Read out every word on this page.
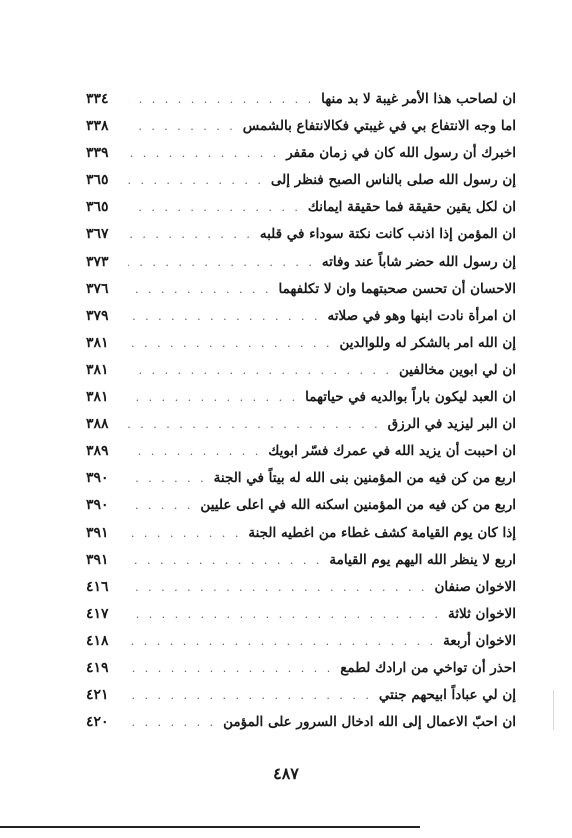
ان لصاحب هذا الأمر غيبة لا بد منها
. . .
٣٣٤
اما وجه الانتفاع بي في غيبتي فكالانتفاع بالشمس
. . .
٣٣٨
اخبرك أن رسول الله كان في زمان مقفر
. . .
٣٣٩
إن رسول الله صلى بالناس الصبح فنظر إلى
. . .
٣٦٥
ان لكل يقين حقيقة فما حقيقة ايمانك
. . .
٣٦٥
ان المؤمن إذا اذنب كانت نكتة سوداء في قلبه
. . .
٣٦٧
إن رسول الله حضر شاباً عند وفاته
. . .
٣٧٣
الاحسان أن تحسن صحبتهما وان لا تكلفهما
. . .
٣٧٦
ان امرأة نادت ابنها وهو في صلاته
. . .
٣٧٩
إن الله امر بالشكر له وللوالدين
. . .
٣٨١
ان لي ابوين مخالفين
. . .
٣٨١
ان العبد ليكون باراً بوالديه في حياتهما
. . .
٣٨١
ان البر ليزيد في الرزق
. . .
٣٨٨
ان احببت أن يزيد الله في عمرك فسّر ابويك
. . .
٣٨٩
اربع من كن فيه من المؤمنين بنى الله له بيتاً في الجنة
. . .
٣٩٠
اربع من كن فيه من المؤمنين اسكنه الله في اعلى عليين
. . .
٣٩٠
إذا كان يوم القيامة كشف غطاء من اغطيه الجنة
. . .
٣٩١
اربع لا ينظر الله اليهم يوم القيامة
. . .
٣٩١
الاخوان صنفان
. . .
٤١٦
الاخوان ثلاثة
. . .
٤١٧
الاخوان أربعة
. . .
٤١٨
احذر أن تواخي من ارادك لطمع
. . .
٤١٩
إن لي عباداً ابيحهم جنتي
. . .
٤٢١
ان احبّ الاعمال إلى الله ادخال السرور على المؤمن
. . .
٤٢٠
٤٨٧
